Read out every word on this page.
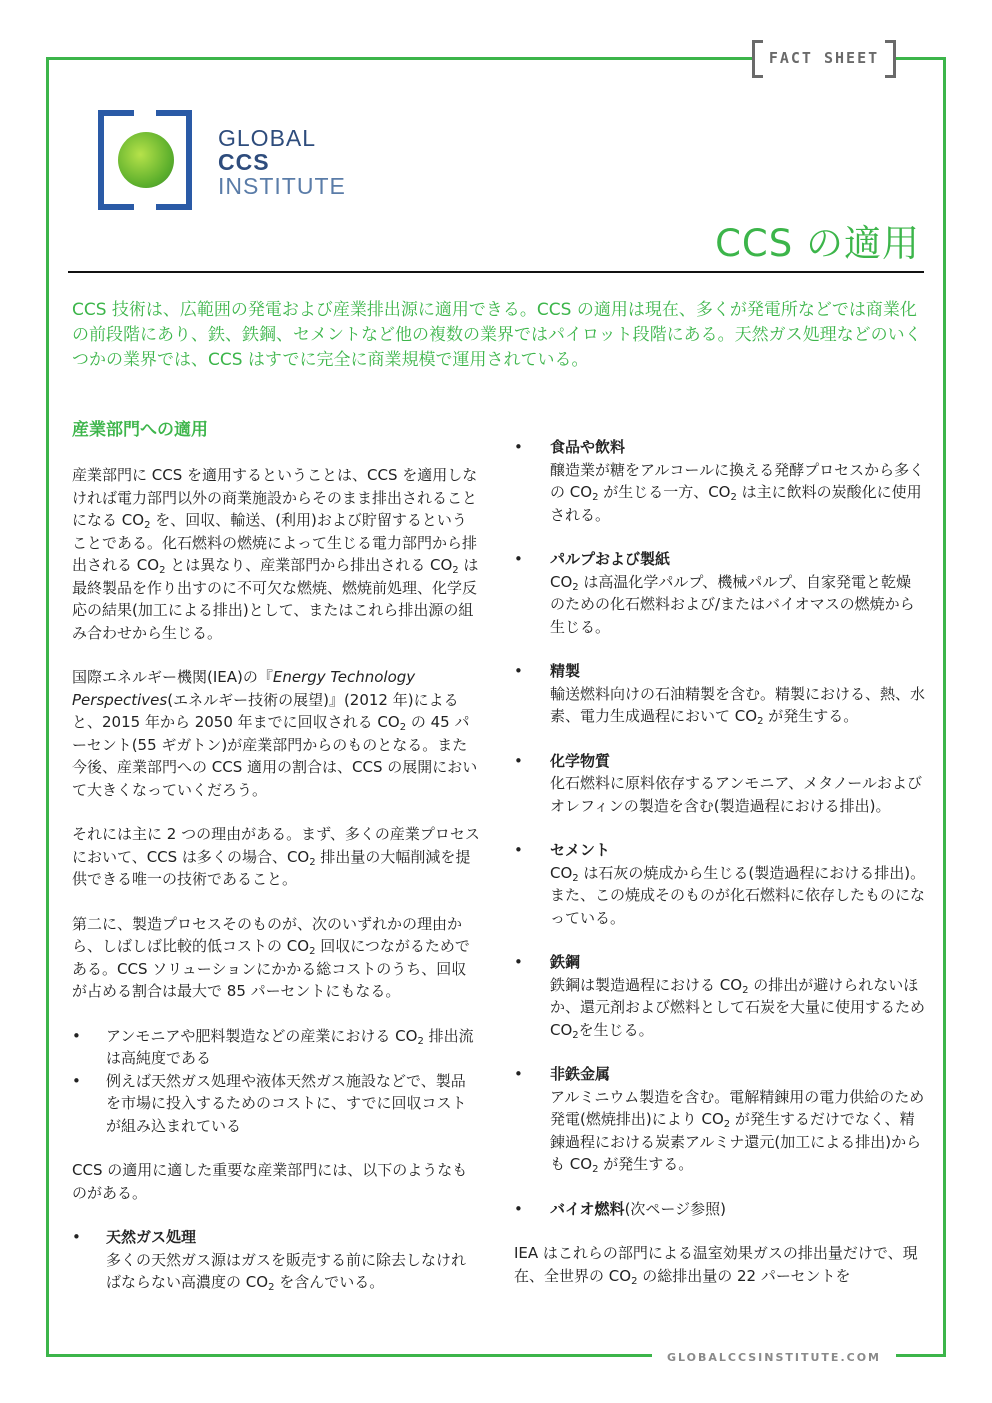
FACT SHEET
GLOBAL
CCS
INSTITUTE
CCS の適用

CCS 技術は、広範囲の発電および産業排出源に適用できる。CCS の適用は現在、多くが発電所などでは商業化の前段階にあり、鉄、鉄鋼、セメントなど他の複数の業界ではパイロット段階にある。天然ガス処理などのいくつかの業界では、CCS はすでに完全に商業規模で運用されている。

産業部門への適用

産業部門に CCS を適用するということは、CCS を適用しなければ電力部門以外の商業施設からそのまま排出されることになる $CO_2$ を、回収、輸送、(利用)および貯留するということである。化石燃料の燃焼によって生じる電力部門から排出される $CO_2$ とは異なり、産業部門から排出される $CO_2$ は最終製品を作り出すのに不可欠な燃焼、燃焼前処理、化学反応の結果(加工による排出)として、またはこれら排出源の組み合わせから生じる。

国際エネルギー機関(IEA)の『Energy Technology Perspectives(エネルギー技術の展望)』(2012 年)によると、2015 年から 2050 年までに回収される $CO_2$ の 45 パーセント(55 ギガトン)が産業部門からのものとなる。また今後、産業部門への CCS 適用の割合は、CCS の展開において大きくなっていくだろう。

それには主に 2 つの理由がある。まず、多くの産業プロセスにおいて、CCS は多くの場合、$CO_2$ 排出量の大幅削減を提供できる唯一の技術であること。

第二に、製造プロセスそのものが、次のいずれかの理由から、しばしば比較的低コストの $CO_2$ 回収につながるためである。CCS ソリューションにかかる総コストのうち、回収が占める割合は最大で 85 パーセントにもなる。

• アンモニアや肥料製造などの産業における $CO_2$ 排出流は高純度である
• 例えば天然ガス処理や液体天然ガス施設などで、製品を市場に投入するためのコストに、すでに回収コストが組み込まれている

CCS の適用に適した重要な産業部門には、以下のようなものがある。

• 天然ガス処理
多くの天然ガス源はガスを販売する前に除去しなければならない高濃度の $CO_2$ を含んでいる。
• 食品や飲料
醸造業が糖をアルコールに換える発酵プロセスから多くの $CO_2$ が生じる一方、$CO_2$ は主に飲料の炭酸化に使用される。
• パルプおよび製紙
$CO_2$ は高温化学パルプ、機械パルプ、自家発電と乾燥のための化石燃料および/またはバイオマスの燃焼から生じる。
• 精製
輸送燃料向けの石油精製を含む。精製における、熱、水素、電力生成過程において $CO_2$ が発生する。
• 化学物質
化石燃料に原料依存するアンモニア、メタノールおよびオレフィンの製造を含む(製造過程における排出)。
• セメント
$CO_2$ は石灰の焼成から生じる(製造過程における排出)。また、この焼成そのものが化石燃料に依存したものになっている。
• 鉄鋼
鉄鋼は製造過程における $CO_2$ の排出が避けられないほか、還元剤および燃料として石炭を大量に使用するため $CO_2$を生じる。
• 非鉄金属
アルミニウム製造を含む。電解精錬用の電力供給のため発電(燃焼排出)により $CO_2$ が発生するだけでなく、精錬過程における炭素アルミナ還元(加工による排出)からも $CO_2$ が発生する。
• バイオ燃料(次ページ参照)

IEA はこれらの部門による温室効果ガスの排出量だけで、現在、全世界の $CO_2$ の総排出量の 22 パーセントを

GLOBALCCSINSTITUTE.COM
